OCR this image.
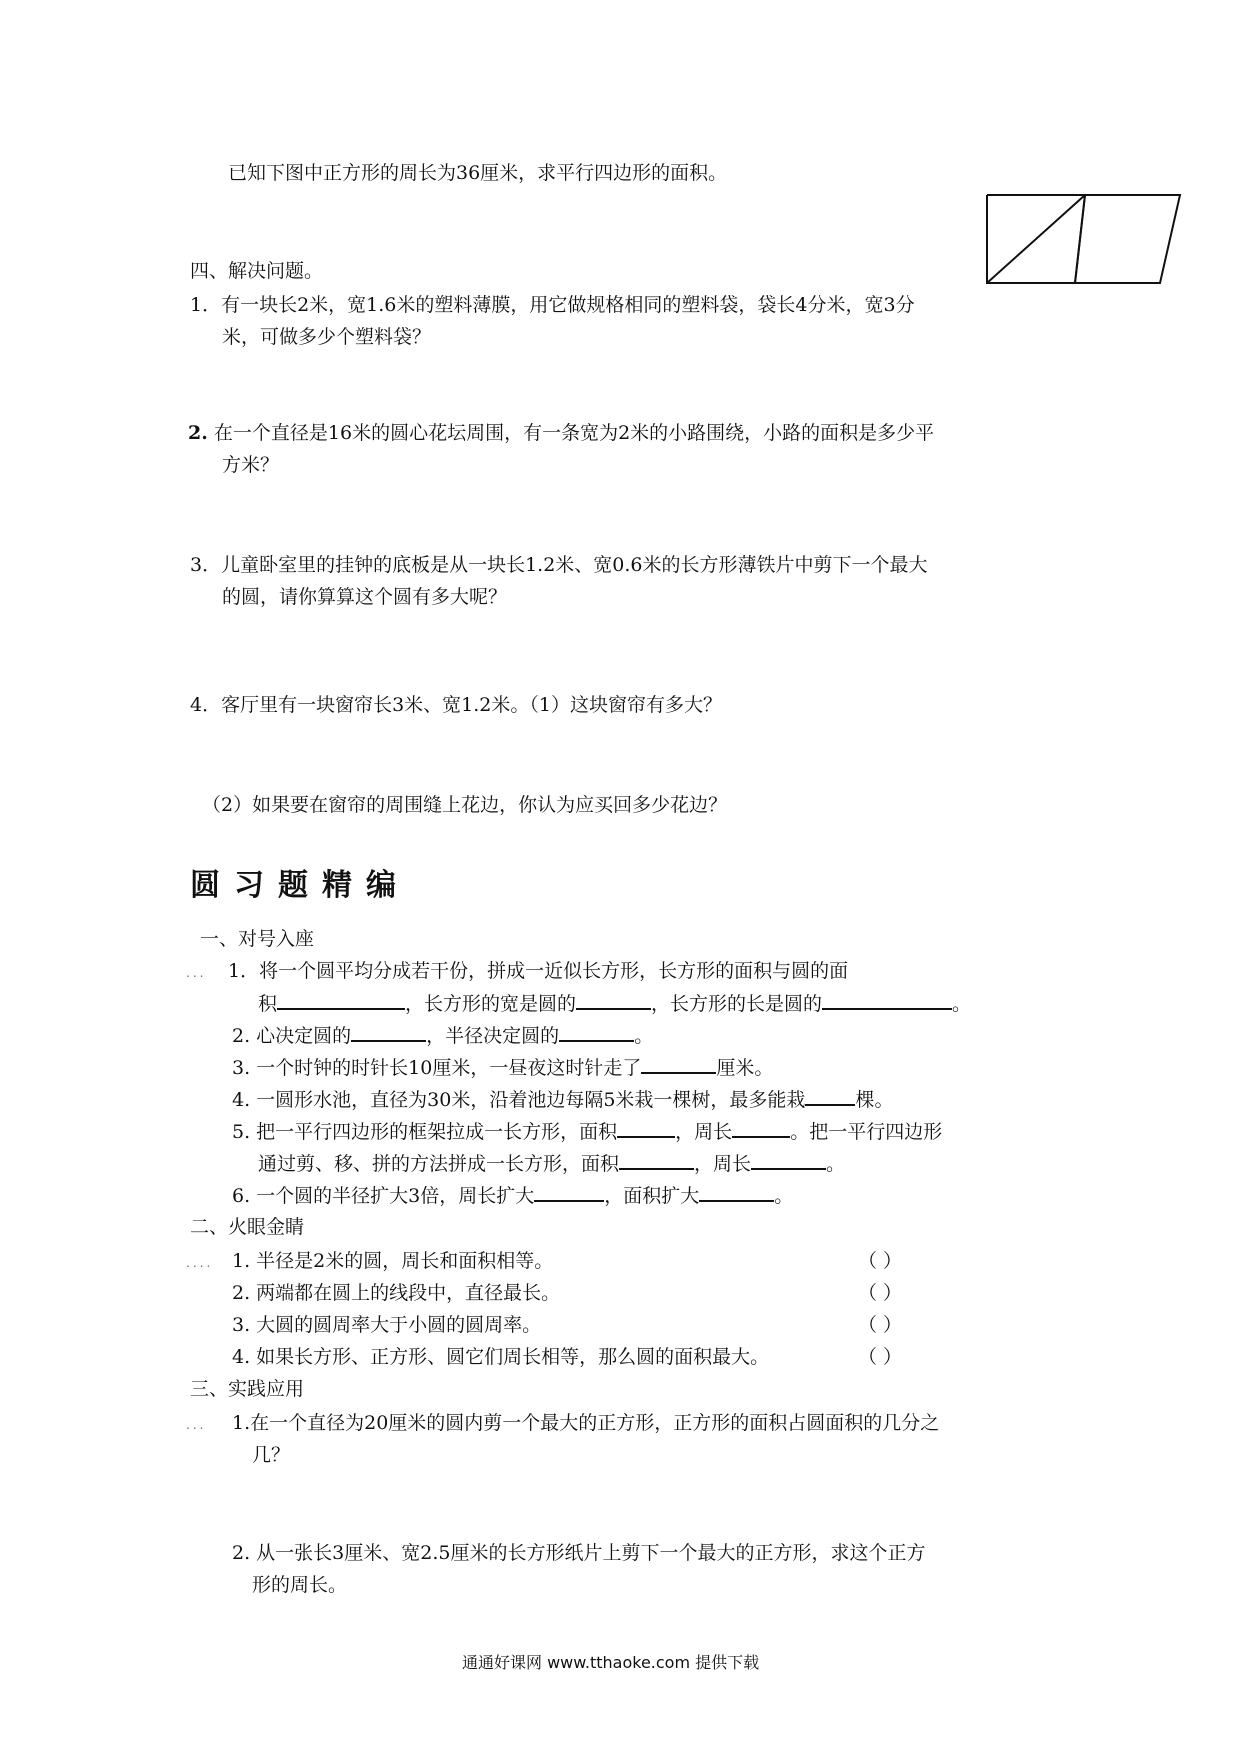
已知下图中正方形的周长为36厘米，求平行四边形的面积。
四、解决问题。
1．有一块长2米，宽1.6米的塑料薄膜，用它做规格相同的塑料袋，袋长4分米，宽3分
米，可做多少个塑料袋？
2. 在一个直径是16米的圆心花坛周围，有一条宽为2米的小路围绕，小路的面积是多少平
方米？
3．儿童卧室里的挂钟的底板是从一块长1.2米、宽0.6米的长方形薄铁片中剪下一个最大
的圆，请你算算这个圆有多大呢？
4．客厅里有一块窗帘长3米、宽1.2米。（1）这块窗帘有多大？
（2）如果要在窗帘的周围缝上花边，你认为应买回多少花边？
圆习题精编
一、对号入座
... 1．将一个圆平均分成若干份，拼成一近似长方形，长方形的面积与圆的面
积	，长方形的宽是圆的	，长方形的长是圆的	。
2. 心决定圆的	，半径决定圆的	。
3. 一个时钟的时针长10厘米，一昼夜这时针走了	厘米。
4. 一圆形水池，直径为30米，沿着池边每隔5米栽一棵树，最多能栽	棵。
5. 把一平行四边形的框架拉成一长方形，面积	，周长	。把一平行四边形
通过剪、移、拼的方法拼成一长方形，面积	，周长	。
6. 一个圆的半径扩大3倍，周长扩大	，面积扩大	。
二、火眼金睛
.... 1. 半径是2米的圆，周长和面积相等。	（ ）
2. 两端都在圆上的线段中，直径最长。	（ ）
3. 大圆的圆周率大于小圆的圆周率。	（ ）
4. 如果长方形、正方形、圆它们周长相等，那么圆的面积最大。	（ ）
三、实践应用
... 1.在一个直径为20厘米的圆内剪一个最大的正方形，正方形的面积占圆面积的几分之
几？
2. 从一张长3厘米、宽2.5厘米的长方形纸片上剪下一个最大的正方形，求这个正方
形的周长。
通通好课网 www.tthaoke.com 提供下载
